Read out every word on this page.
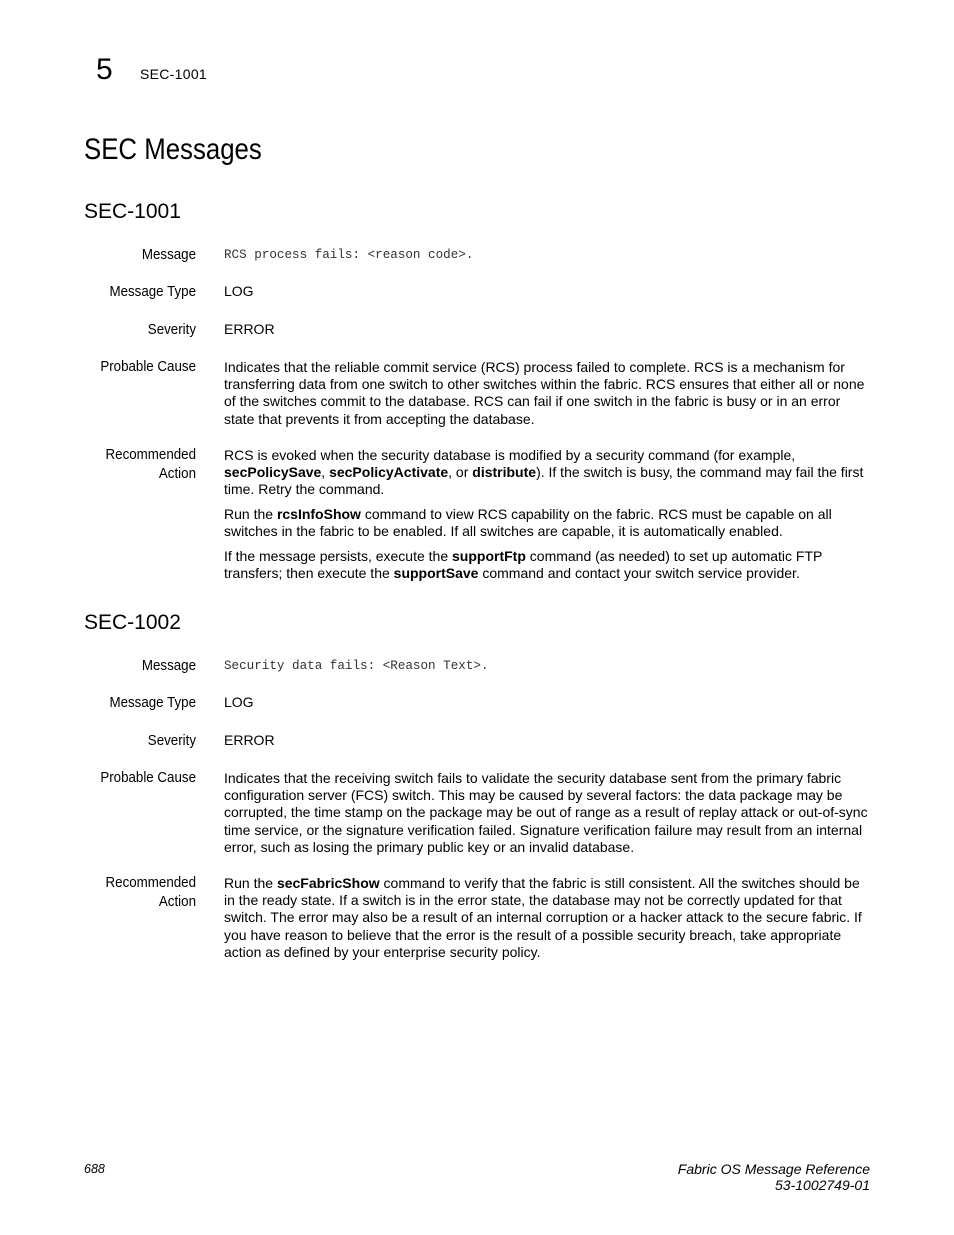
5 SEC-1001
SEC Messages
SEC-1001
Message RCS process fails: <reason code>.
Message Type LOG
Severity ERROR
Probable Cause Indicates that the reliable commit service (RCS) process failed to complete. RCS is a mechanism for transferring data from one switch to other switches within the fabric. RCS ensures that either all or none of the switches commit to the database. RCS can fail if one switch in the fabric is busy or in an error state that prevents it from accepting the database.
Recommended
Action

RCS is evoked when the security database is modified by a security command (for example, secPolicySave, secPolicyActivate, or distribute). If the switch is busy, the command may fail the first time. Retry the command.

Run the rcsInfoShow command to view RCS capability on the fabric. RCS must be capable on all switches in the fabric to be enabled. If all switches are capable, it is automatically enabled.

If the message persists, execute the supportFtp command (as needed) to set up automatic FTP transfers; then execute the supportSave command and contact your switch service provider.

SEC-1002
Message Security data fails: <Reason Text>.
Message Type LOG
Severity ERROR
Probable Cause Indicates that the receiving switch fails to validate the security database sent from the primary fabric configuration server (FCS) switch. This may be caused by several factors: the data package may be corrupted, the time stamp on the package may be out of range as a result of replay attack or out-of-sync time service, or the signature verification failed. Signature verification failure may result from an internal error, such as losing the primary public key or an invalid database.
Recommended
Action

Run the secFabricShow command to verify that the fabric is still consistent. All the switches should be in the ready state. If a switch is in the error state, the database may not be correctly updated for that switch. The error may also be a result of an internal corruption or a hacker attack to the secure fabric. If you have reason to believe that the error is the result of a possible security breach, take appropriate action as defined by your enterprise security policy.

688	Fabric OS Message Reference
53-1002749-01
